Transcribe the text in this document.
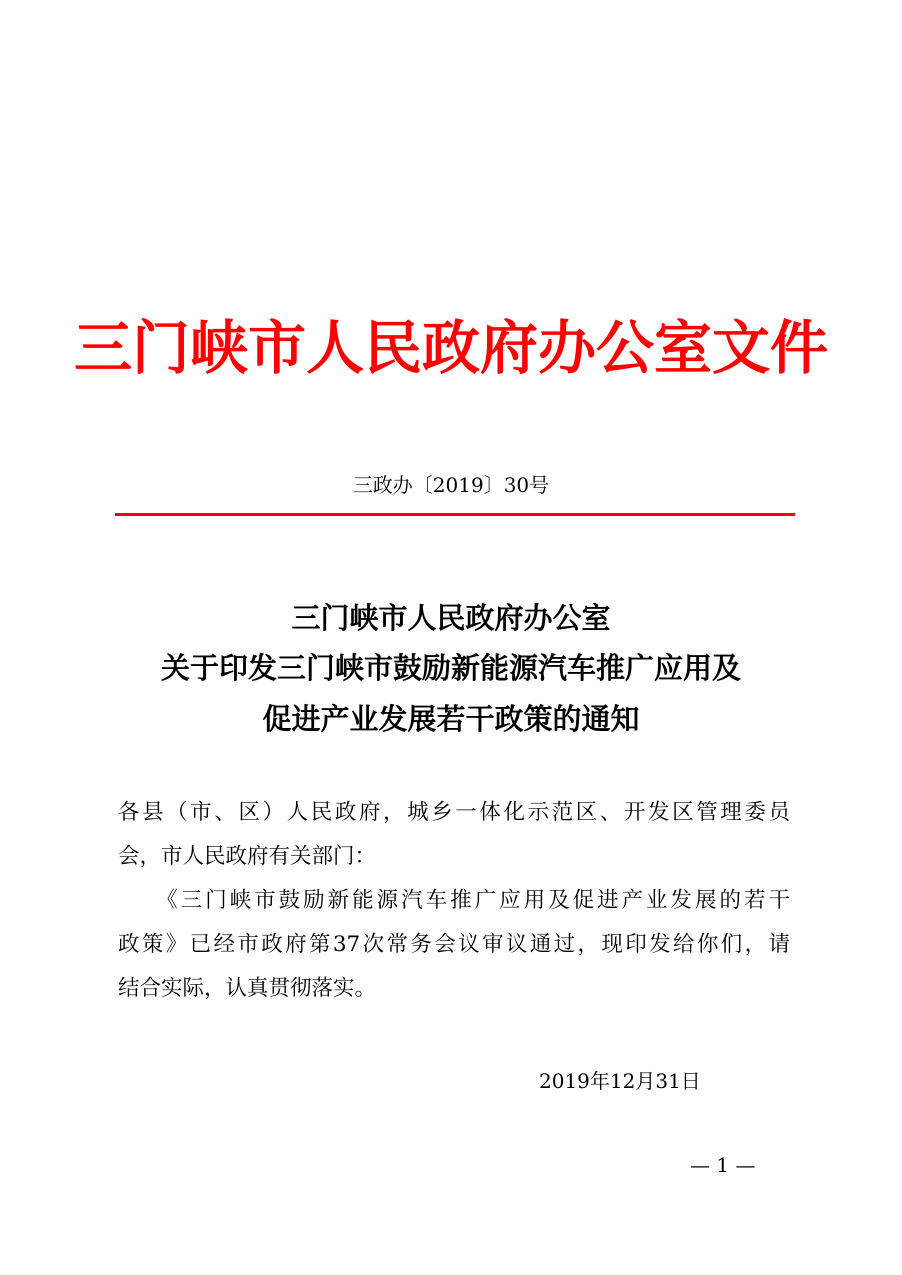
三门峡市人民政府办公室文件
三政办〔2019〕30号
三门峡市人民政府办公室
关于印发三门峡市鼓励新能源汽车推广应用及
促进产业发展若干政策的通知
各县（市、区）人民政府，城乡一体化示范区、开发区管理委员
会，市人民政府有关部门：
　　《三门峡市鼓励新能源汽车推广应用及促进产业发展的若干
政策》已经市政府第37次常务会议审议通过，现印发给你们，请
结合实际，认真贯彻落实。
2019年12月31日
— 1 —
